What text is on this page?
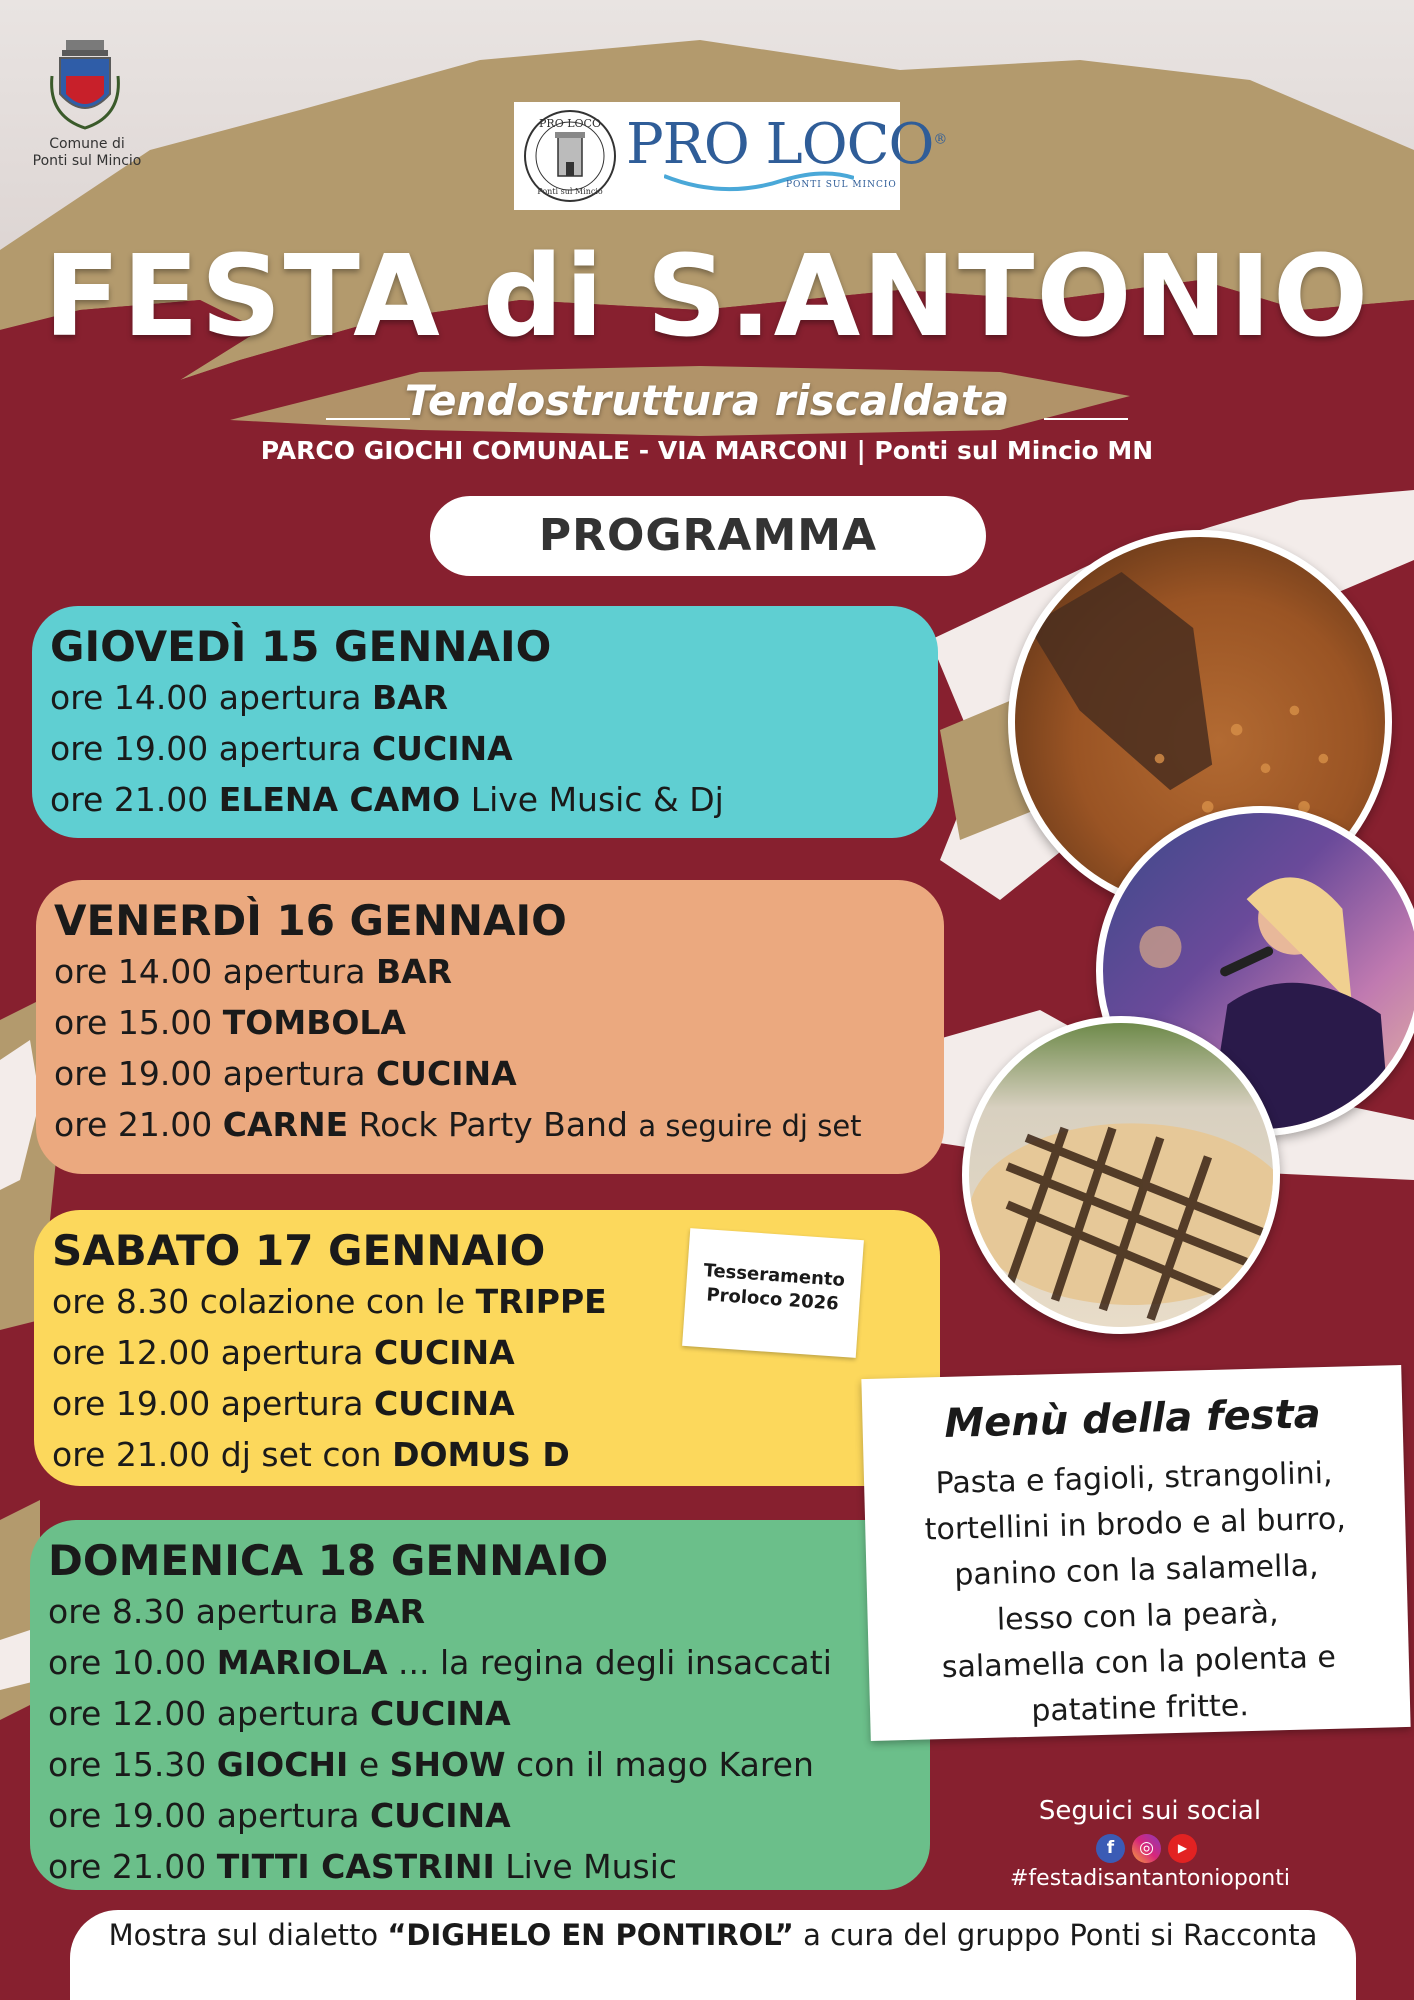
Comune di
Ponti sul Mincio
PRO LOCO
Ponti sul Mincio
PRO LOCO®
PONTI SUL MINCIO
FESTA di S.ANTONIO
Tendostruttura riscaldata
PARCO GIOCHI COMUNALE - VIA MARCONI | Ponti sul Mincio MN
PROGRAMMA
GIOVEDÌ 15 GENNAIO
ore 14.00 apertura BAR
ore 19.00 apertura CUCINA
ore 21.00 ELENA CAMO Live Music & Dj
VENERDÌ 16 GENNAIO
ore 14.00 apertura BAR
ore 15.00 TOMBOLA
ore 19.00 apertura CUCINA
ore 21.00 CARNE Rock Party Band a seguire dj set
SABATO 17 GENNAIO
ore 8.30 colazione con le TRIPPE
ore 12.00 apertura CUCINA
ore 19.00 apertura CUCINA
ore 21.00 dj set con DOMUS D
Tesseramento
Proloco 2026
DOMENICA 18 GENNAIO
ore 8.30 apertura BAR
ore 10.00 MARIOLA ... la regina degli insaccati
ore 12.00 apertura CUCINA
ore 15.30 GIOCHI e SHOW con il mago Karen
ore 19.00 apertura CUCINA
ore 21.00 TITTI CASTRINI Live Music
Menù della festa
Pasta e fagioli, strangolini,
tortellini in brodo e al burro,
panino con la salamella,
lesso con la pearà,
salamella con la polenta e
patatine fritte.
Seguici sui social
f	◎	▶
#festadisantantonioponti
Mostra sul dialetto “DIGHELO EN PONTIROL” a cura del gruppo Ponti si Racconta
